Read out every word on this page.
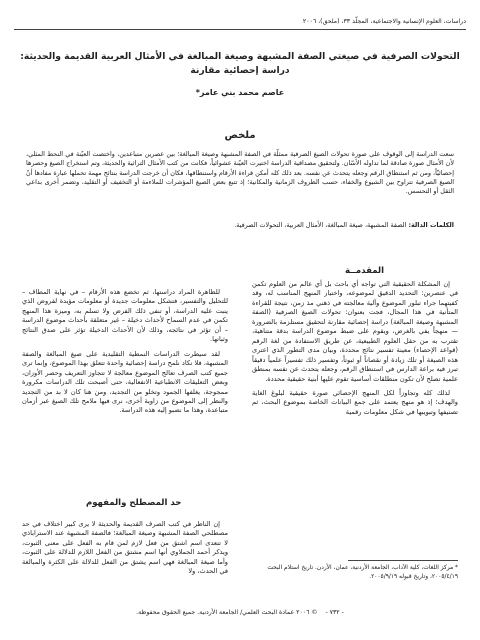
دراسات، العلوم الإنسانية والاجتماعية، المجلّد ٣٣، (ملحق)، ٢٠٠٦
التحولات الصرفية في صيغتي الصفة المشبهة وصيغة المبالغة في الأمثال العربية القديمة والحديثة:
دراسة إحصائية مقارنة
عاصم محمد بني عامر*
ملخص
سعت الدراسة إلى الوقوف على صورة تحولات الصيغ الصرفية ممثلّة في الصفة المشبهة وصيغة المبالغة؛ بين عصرين متباعدين، واختصت العيّنة في النحط المثلي، لأن الأمثال صورة صادقة لما تداوله الأسّان. ولتحقيق مصداقية الدراسة اختيرت العيّنة عشوائياً، فكانت من كتب الأمثال التراثية والحديثة، وتم استخراج الصيغ وحصرها إحصائيّاً، ومن ثم استنطاق الرقم وجعله يتحدث عن نفسه. بعد ذلك كله أمكن قراءة الأرقام واستنطاقها، فكان أن خرجت الدراسة بنتائج مهمة تحملها عبارة مفادها أنّ الصيغ الصرفية تتراوح بين الشيوع والخفاء، حسب الظروف الزمانية والمكانية؛ إذ تتبع بعض الصيغ المؤشرات للملاءمة أو التخفيف أو التقليد، وتضمر أخرى بداعي الثقل أو التحسس.
الكلمات الدالة: الصفة المشبهة، صيغة المبالغة، الأمثال العربية، التحولات الصرفية.
المقدمــة

إن المشكلة الحقيقية التي تواجه أي باحث بل أي عالم من العلوم تكمن في عنصرين: التحديد الدقيق لموضوعه، واختيار المنهج المناسب له، وقد كفيتهما جراء تبلور الموضوع وآلية معالجته في ذهني مذ زمن، نتيجة للقراءة المتأنية في هذا المجال، فجت بعنوان: تحولات الصيغ الصرفية (الصفة المشبهة وصيغة المبالغة) دراسة إحصائية مقارنة لتحقيق مستلزمة بالضرورة — منهجاً يفي بالغرض، ويقوم على ضبط موضوع الدراسة بدقة متناهية، تقترب به من حقل العلوم الطبيعية، عن طريق الاستفادة من لغة الرقم (قواعد الإحصاء) معينة تفسير نتائج محددة، وبيان مدى التطور الذي اعترى هذه الصيغة أو تلك زيادة أو نقصاناً أو ثبوتاً، وتفسير ذلك تفسيراً علمياً دقيقاً تبرز فيه براعة الدارس في استنطاق الرقم، وجعله يتحدث عن نفسه بمنطق علمية تصلح لأن تكون منطلقات أساسية تقوم عليها أبنية حقيقية محددة.

لذلك كله وتجاوزاً لكل المنهج الإحصائي صورة حقيقية لبلوغ الغاية والهدف؛ إذ هو منهج يعتمد على جمع البيانات الخاصة بموضوع البحث، ثم تصنيفها وتبويبها في شكل معلومات رقمية

للظاهرة المراد دراستها، ثم تخضع هذه الأرقام – في نهاية المطاف – للتحليل والتفسير، فتشكل معلومات جديدة أو معلومات مؤيدة لفروض الذي ينبت عليه الدراسة، أو تنفي ذلك الفرض ولا تسلم به، وميزة هذا المنهج تكمن في عدم السماح لأحداث دخيلة – غير متعلقة بأحداث موضوع الدراسة – أن تؤثر في نتائجه، وذلك لأن الأحداث الدخيلة تؤثر على صدق النتائج وثباتها.

لقد سيطرت الدراسات النمطية التقليدية على صيغ المبالغة والصفة المشبهة، فلا نكاد نلمح دراسة إحصائية واحدة تتعلق بهذا الموضوع، وإنما تری جميع كتب الصرف تعالج الموضوع معالجة لا تتجاوز التعريف وحصر الأوزان، وبعض التعليقات الانطباعية الانفعالية، حتى أصبحت تلك الدراسات مكرورة ممجوجة، يغلفها الجمود وتخلو من التجديد، ومن هنا كان لا بد من التجديد والنظر إلى الموضوع من زاوية أخرى، نرى فيها ملامح تلك الصيغ عبر أزمان متباعدة، وهذا ما نصبو إليه هذه الدراسة.

حد المصطلح والمفهوم

إن الناظر في كتب الصرف القديمة والحديثة لا يرى كبير اختلاف في حد مصطلحي الصفة المشبهة وصيغة المبالغة؛ فالصفة المشبهة عند الاستراباذي لا تتعدى اسم اشتق من فعل لازم لمن قام به الفعل على معنى الثبوت، ويذكر أحمد الحملاوي أنها اسم مشتق من الفعل اللازم للدلالة على الثبوت، وأما صيغة المبالغة فهي اسم يشتق من الفعل للدلالة على الكثرة والمبالغة في الحدث، ولا	* مركز اللغات، كلية الآداب، الجامعة الأردنية، عمان، الأردن. تاريخ استلام البحث ٢٠٠٥/٤/١٩، وتاريخ قبوله ٢٠٠٥/٩/١٩.
- ٧٣٢ -    © ٢٠٠٦ عمادة البحث العلمي/ الجامعة الأردنية. جميع الحقوق محفوظة.
